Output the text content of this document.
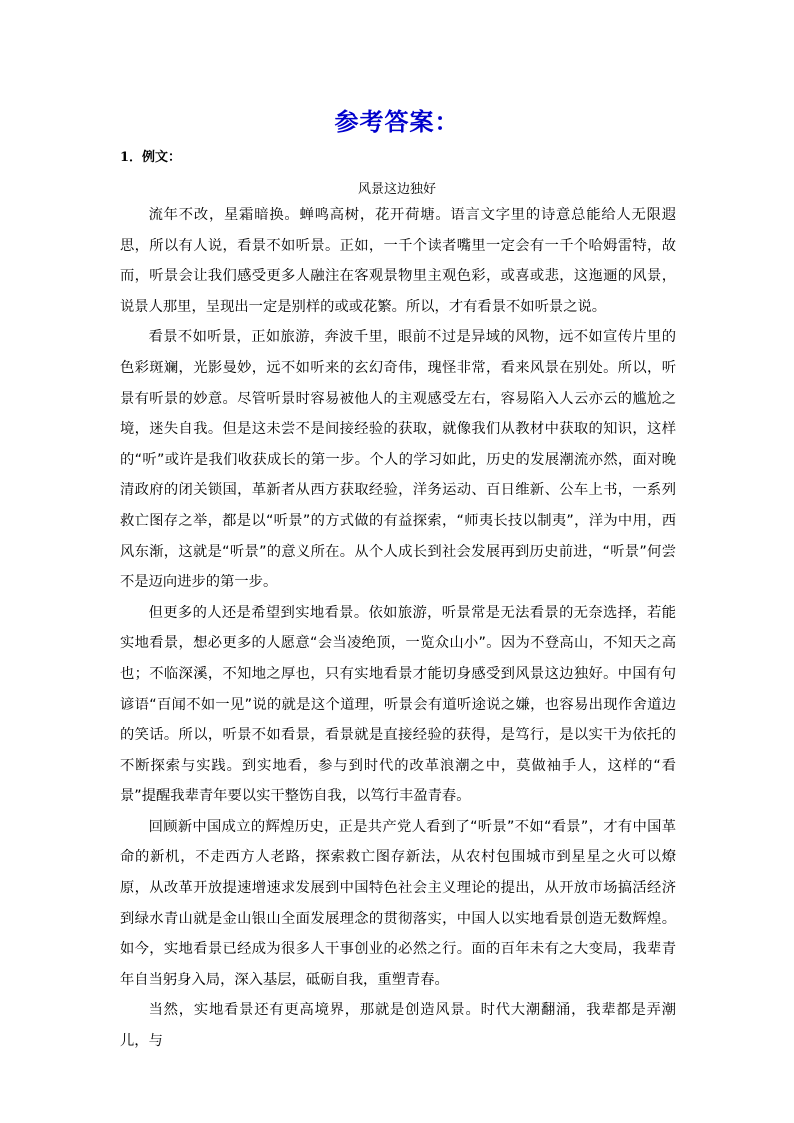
参考答案：
1．例文：
风景这边独好

流年不改，星霜暗换。蝉鸣高树，花开荷塘。语言文字里的诗意总能给人无限遐思，所以有人说，看景不如听景。正如，一千个读者嘴里一定会有一千个哈姆雷特，故而，听景会让我们感受更多人融注在客观景物里主观色彩，或喜或悲，这迤逦的风景，说景人那里，呈现出一定是别样的或或花繁。所以，才有看景不如听景之说。

看景不如听景，正如旅游，奔波千里，眼前不过是异域的风物，远不如宣传片里的色彩斑斓，光影曼妙，远不如听来的玄幻奇伟，瑰怪非常，看来风景在别处。所以，听景有听景的妙意。尽管听景时容易被他人的主观感受左右，容易陷入人云亦云的尴尬之境，迷失自我。但是这未尝不是间接经验的获取，就像我们从教材中获取的知识，这样的“听”或许是我们收获成长的第一步。个人的学习如此，历史的发展潮流亦然，面对晚清政府的闭关锁国，革新者从西方获取经验，洋务运动、百日维新、公车上书，一系列救亡图存之举，都是以“听景”的方式做的有益探索，“师夷长技以制夷”，洋为中用，西风东渐，这就是“听景”的意义所在。从个人成长到社会发展再到历史前进，“听景”何尝不是迈向进步的第一步。

但更多的人还是希望到实地看景。依如旅游，听景常是无法看景的无奈选择，若能实地看景，想必更多的人愿意“会当凌绝顶，一览众山小”。因为不登高山，不知天之高也；不临深溪，不知地之厚也，只有实地看景才能切身感受到风景这边独好。中国有句谚语“百闻不如一见”说的就是这个道理，听景会有道听途说之嫌，也容易出现作舍道边的笑话。所以，听景不如看景，看景就是直接经验的获得，是笃行，是以实干为依托的不断探索与实践。到实地看，参与到时代的改革浪潮之中，莫做袖手人，这样的“看景”提醒我辈青年要以实干整饬自我，以笃行丰盈青春。

回顾新中国成立的辉煌历史，正是共产党人看到了“听景”不如“看景”，才有中国革命的新机，不走西方人老路，探索救亡图存新法，从农村包围城市到星星之火可以燎原，从改革开放提速增速求发展到中国特色社会主义理论的提出，从开放市场搞活经济到绿水青山就是金山银山全面发展理念的贯彻落实，中国人以实地看景创造无数辉煌。如今，实地看景已经成为很多人干事创业的必然之行。面的百年未有之大变局，我辈青年自当躬身入局，深入基层，砥砺自我，重塑青春。

当然，实地看景还有更高境界，那就是创造风景。时代大潮翻涌，我辈都是弄潮儿，与
